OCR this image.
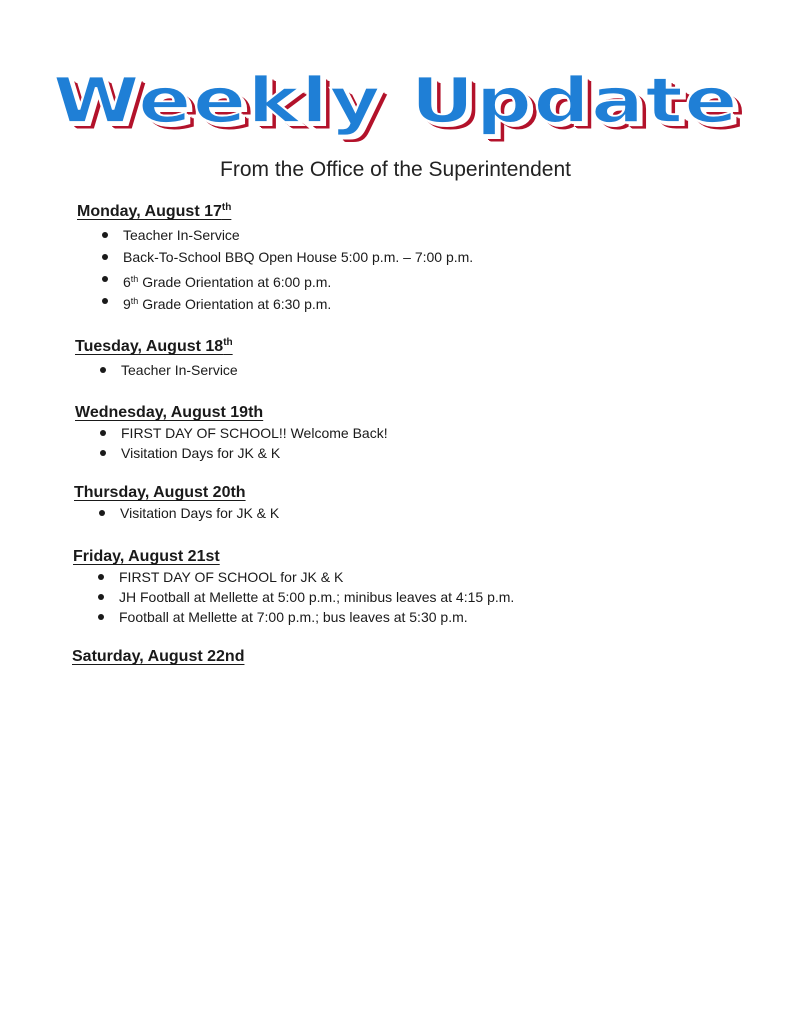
Weekly Update
From the Office of the Superintendent

Monday, August 17th

Teacher In-Service
Back-To-School BBQ Open House 5:00 p.m. – 7:00 p.m.
6th Grade Orientation at 6:00 p.m.
9th Grade Orientation at 6:30 p.m.

Tuesday, August 18th

Teacher In-Service

Wednesday, August 19th

FIRST DAY OF SCHOOL!! Welcome Back!
Visitation Days for JK & K

Thursday, August 20th

Visitation Days for JK & K

Friday, August 21st

FIRST DAY OF SCHOOL for JK & K
JH Football at Mellette at 5:00 p.m.; minibus leaves at 4:15 p.m.
Football at Mellette at 7:00 p.m.; bus leaves at 5:30 p.m.

Saturday, August 22nd
